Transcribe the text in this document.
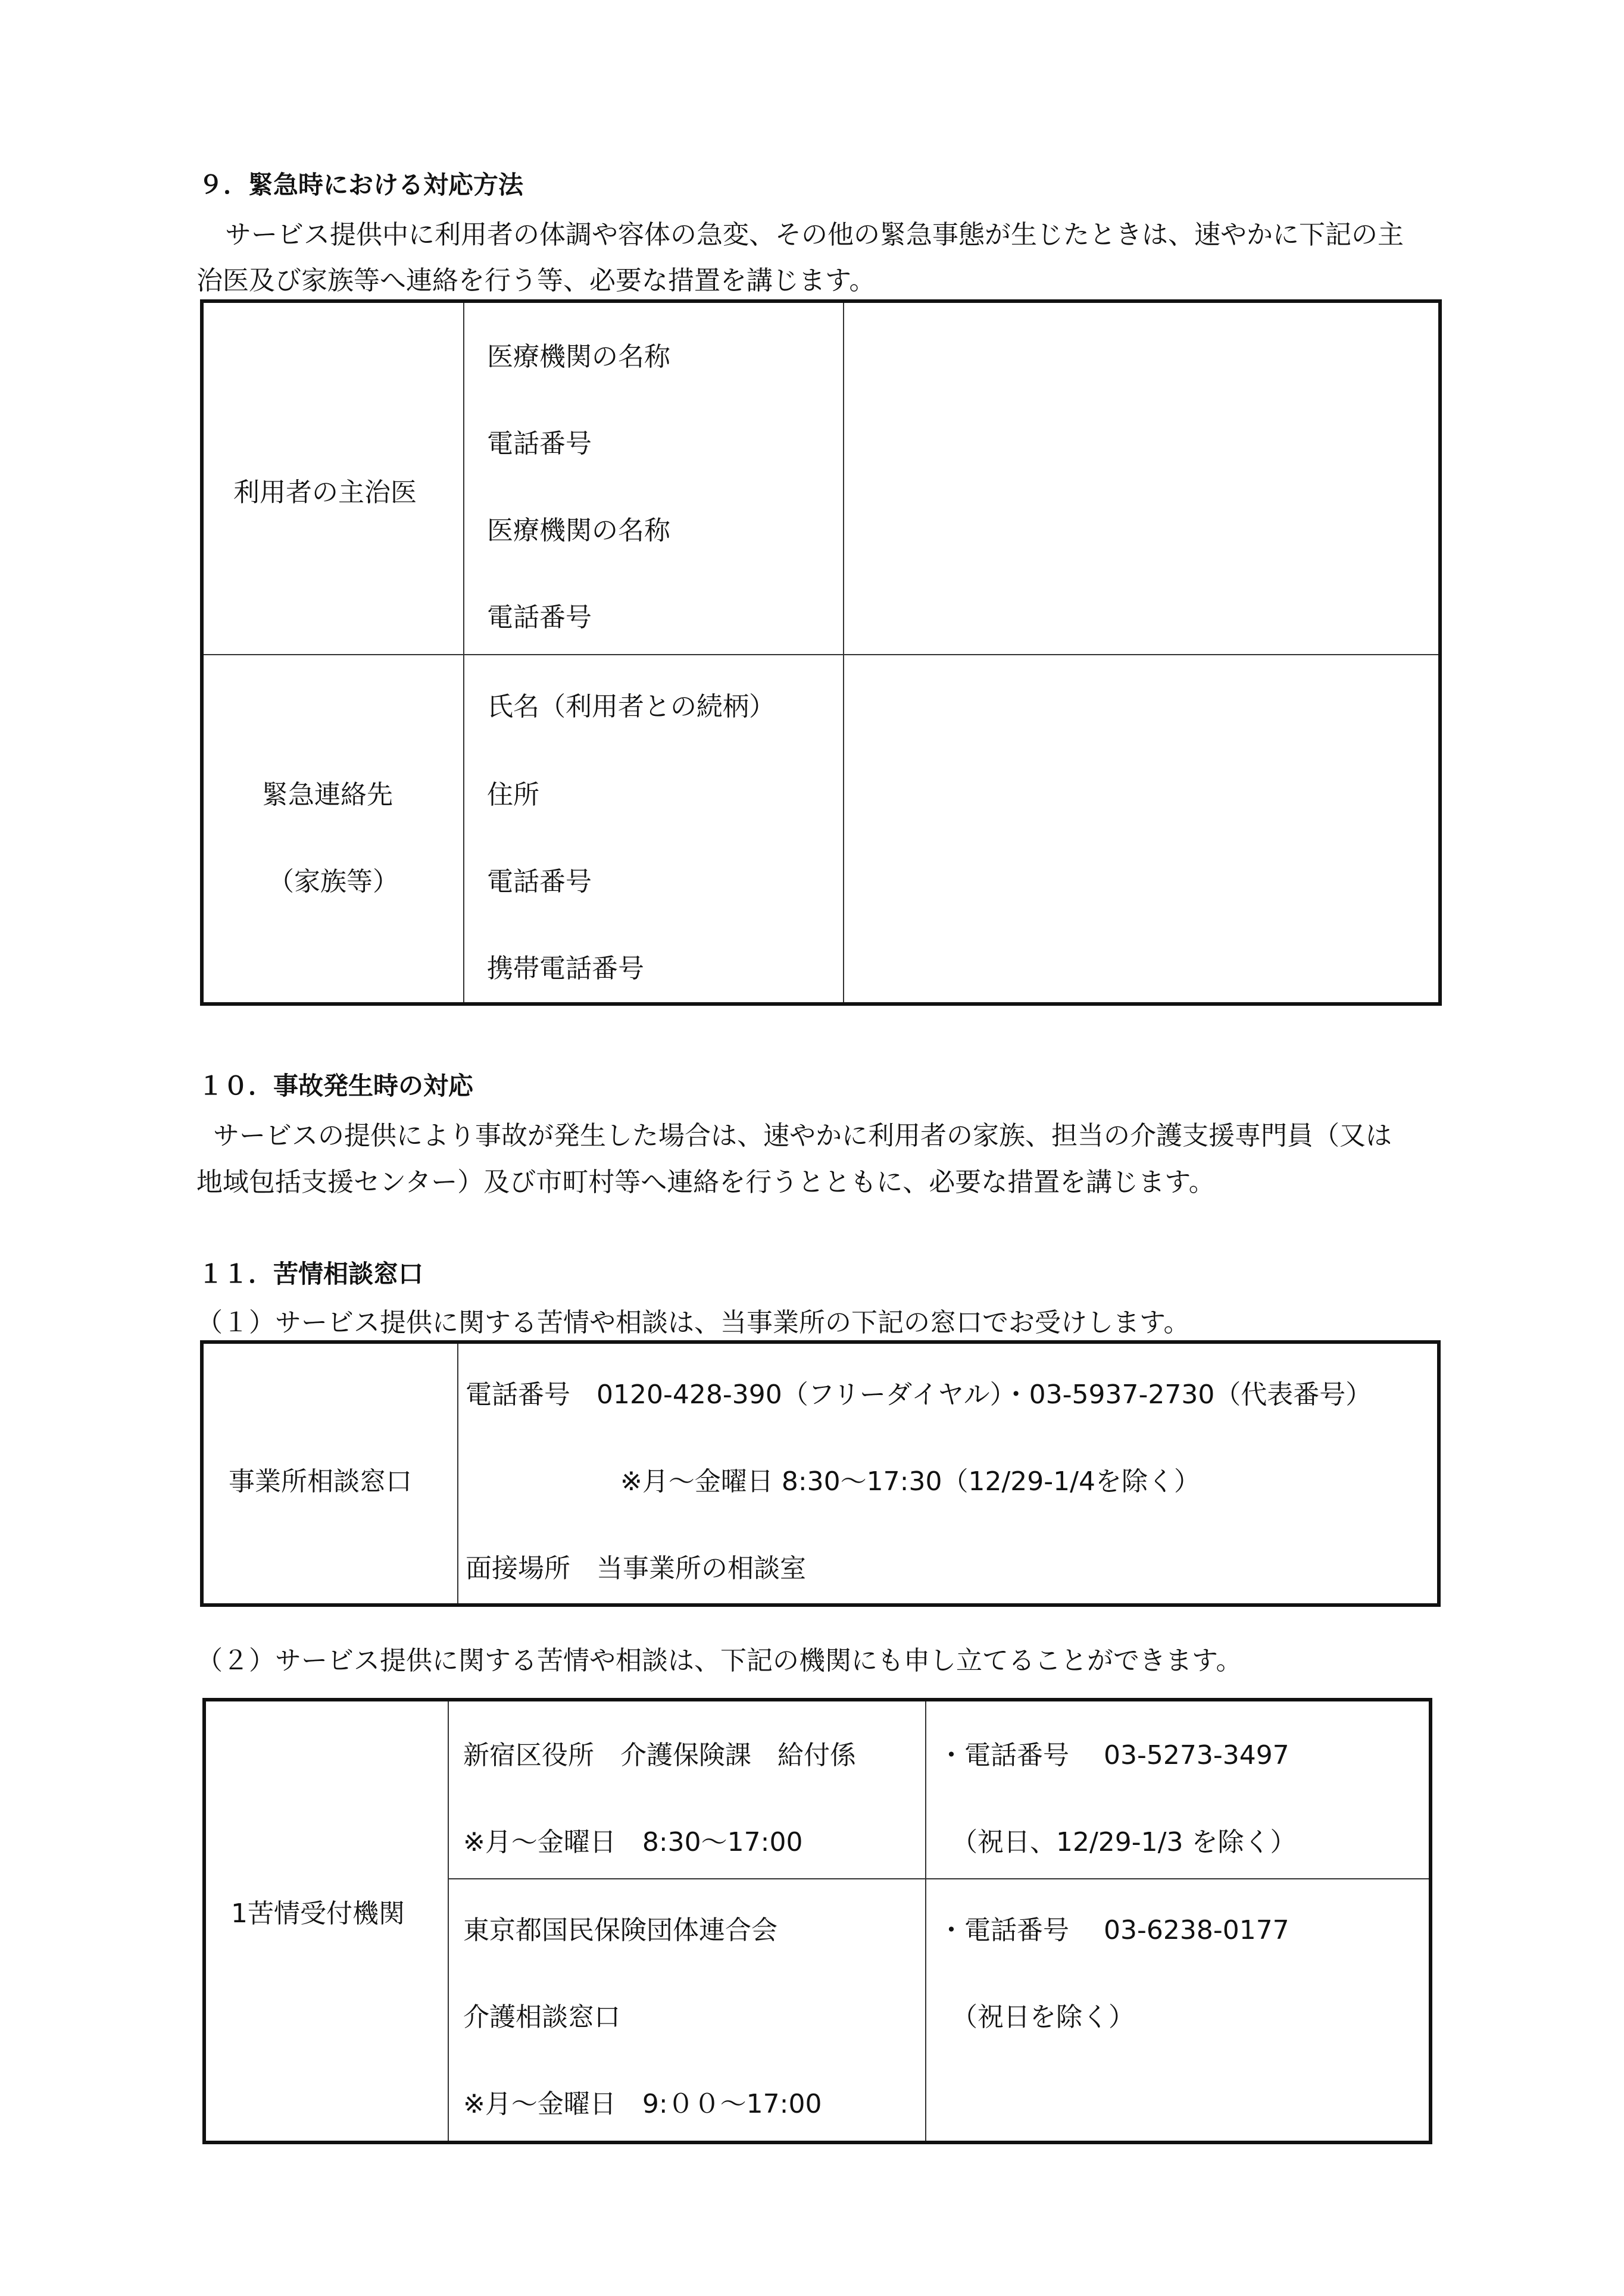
９．緊急時における対応方法
サービス提供中に利用者の体調や容体の急変、その他の緊急事態が生じたときは、速やかに下記の主
治医及び家族等へ連絡を行う等、必要な措置を講じます。
利用者の主治医
医療機関の名称
電話番号
医療機関の名称
電話番号
緊急連絡先
（家族等）
氏名（利用者との続柄）
住所
電話番号
携帯電話番号
１０．事故発生時の対応
サービスの提供により事故が発生した場合は、速やかに利用者の家族、担当の介護支援専門員（又は
地域包括支援センター）及び市町村等へ連絡を行うとともに、必要な措置を講じます。
１１．苦情相談窓口
（１）サービス提供に関する苦情や相談は、当事業所の下記の窓口でお受けします。
事業所相談窓口
電話番号　0120-428-390（フリーダイヤル）・03-5937-2730（代表番号）
※月～金曜日 8:30～17:30（12/29-1/4を除く）
面接場所　当事業所の相談室
（２）サービス提供に関する苦情や相談は、下記の機関にも申し立てることができます。
1苦情受付機関
新宿区役所　介護保険課　給付係
※月～金曜日　8:30～17:00
・電話番号　 03-5273-3497
（祝日、12/29-1/3 を除く）
東京都国民保険団体連合会
介護相談窓口
※月～金曜日　9:００～17:00
・電話番号　 03-6238-0177
（祝日を除く）
